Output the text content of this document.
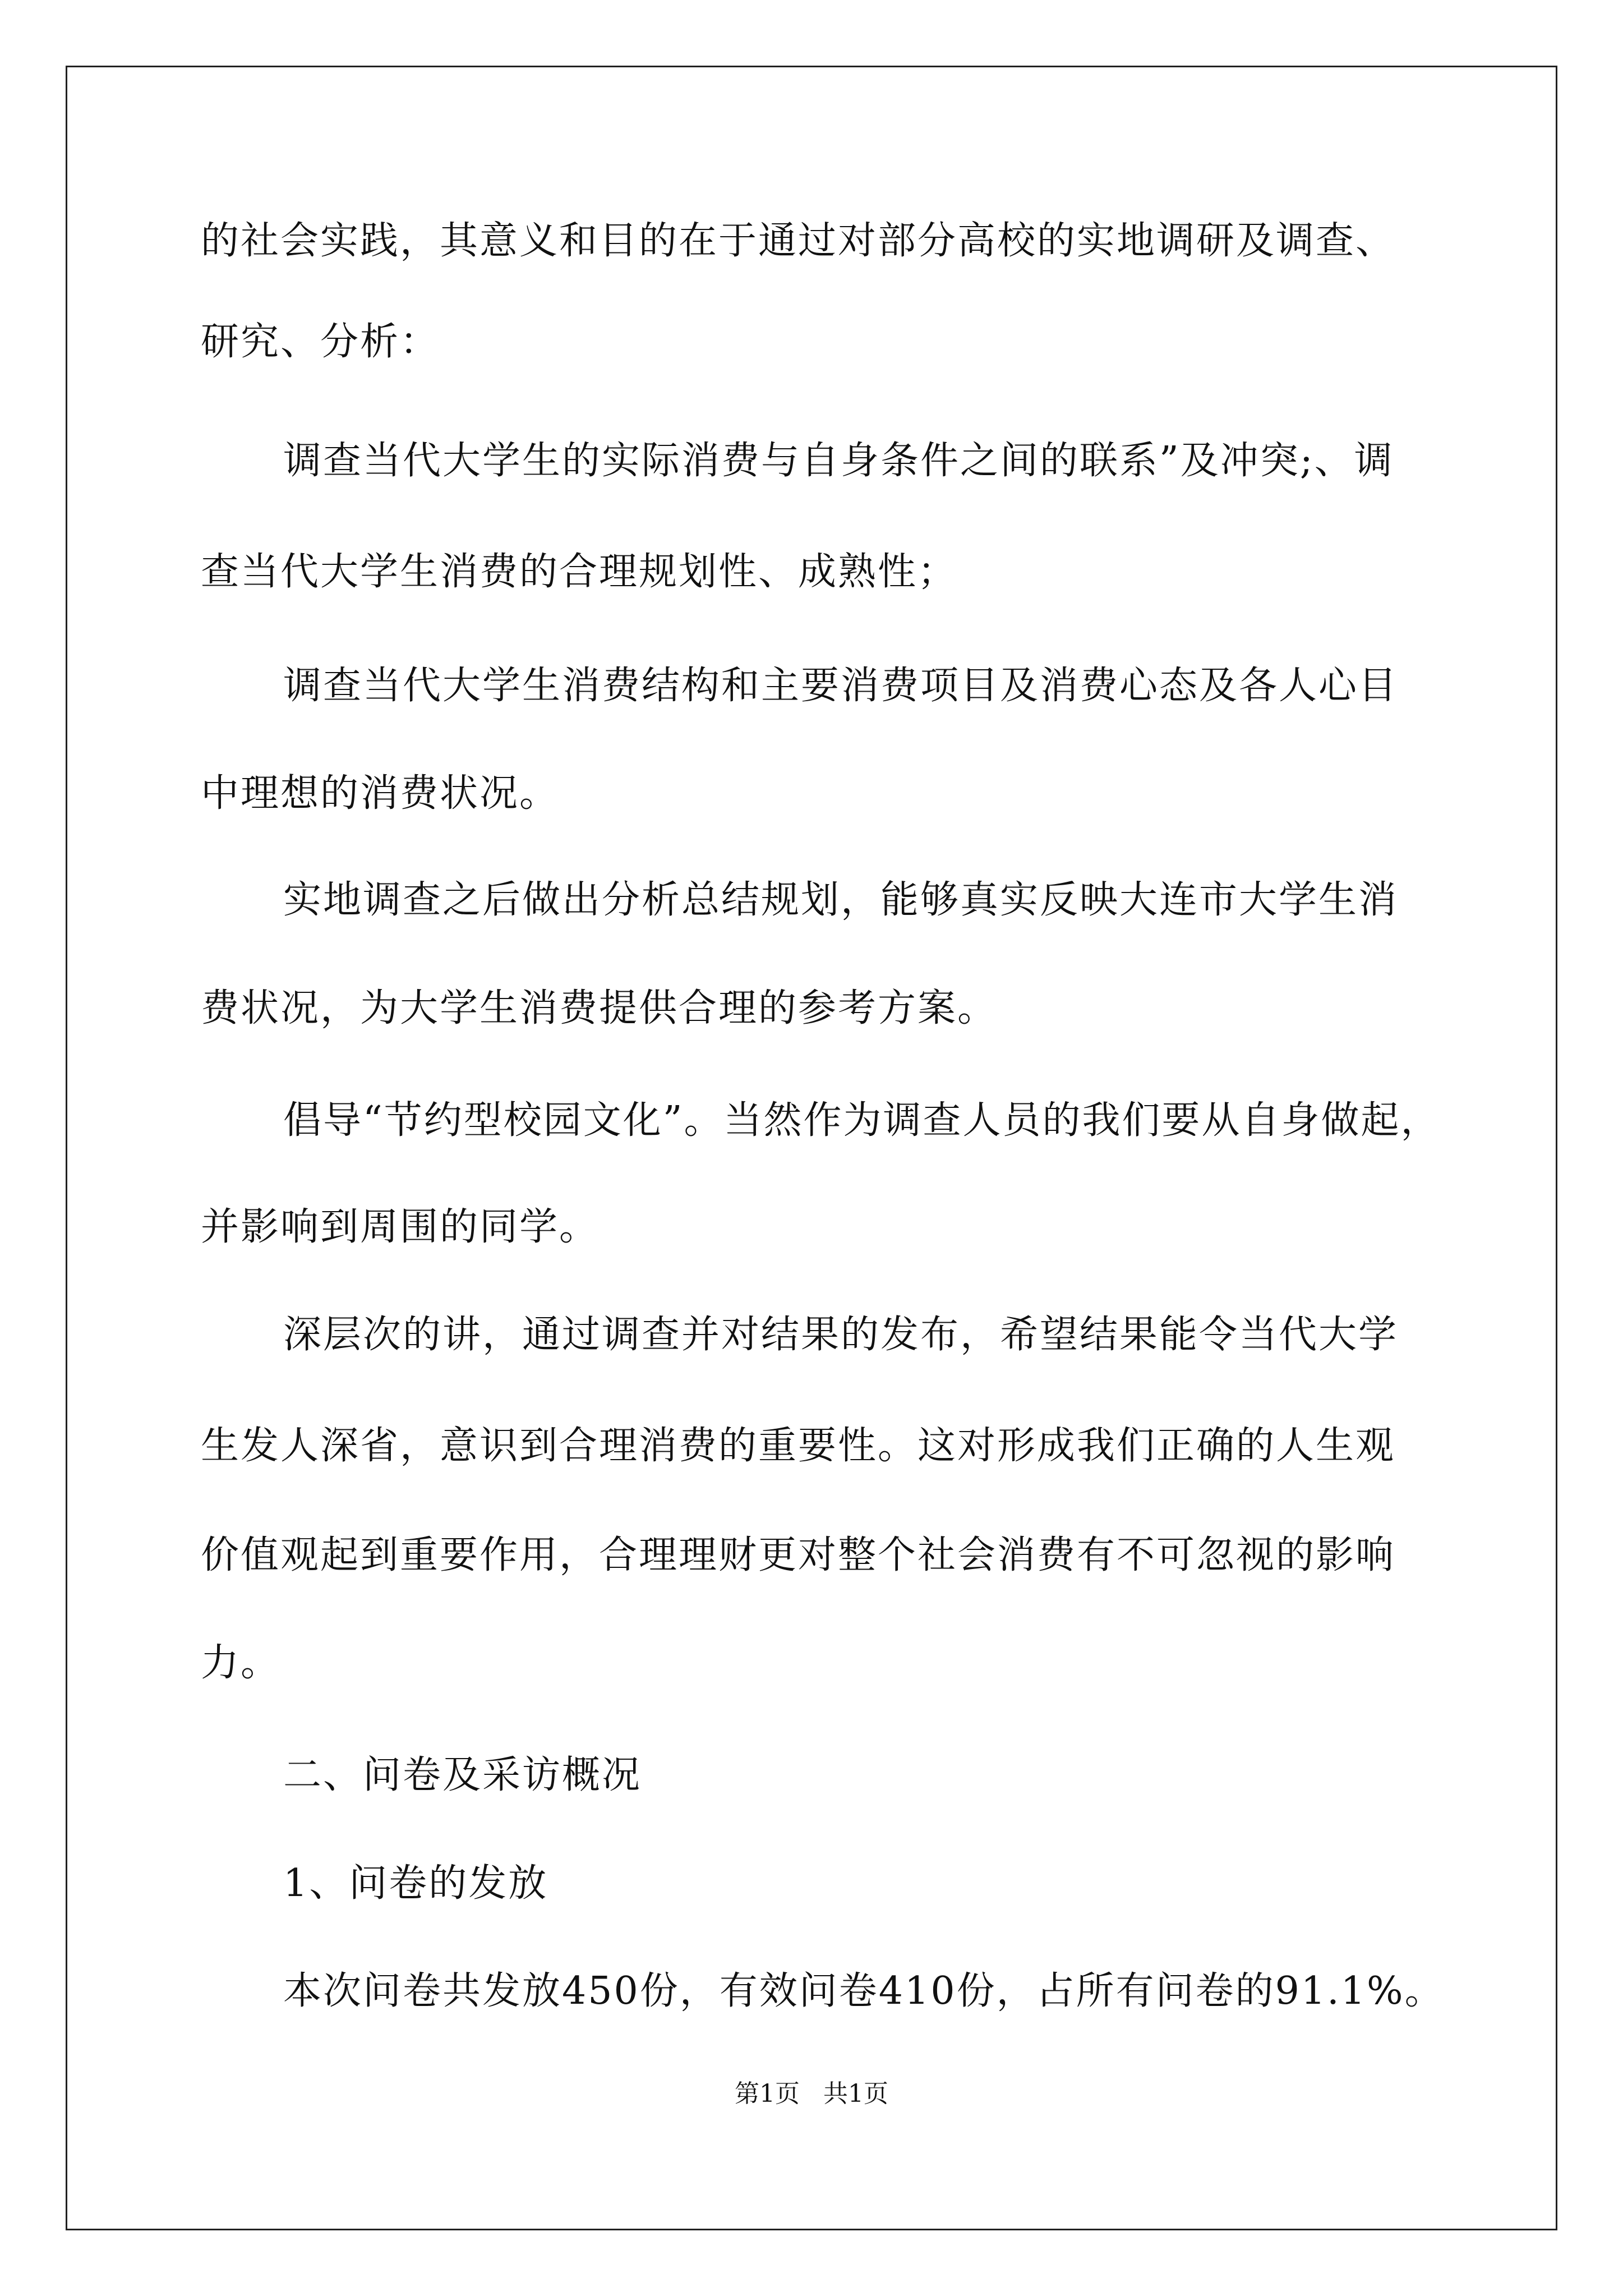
的社会实践，其意义和目的在于通过对部分高校的实地调研及调查、

研究、分析：

调查当代大学生的实际消费与自身条件之间的联系”及冲突;、调

查当代大学生消费的合理规划性、成熟性；

调查当代大学生消费结构和主要消费项目及消费心态及各人心目

中理想的消费状况。

实地调查之后做出分析总结规划，能够真实反映大连市大学生消

费状况，为大学生消费提供合理的参考方案。

倡导“节约型校园文化”。当然作为调查人员的我们要从自身做起，

并影响到周围的同学。

深层次的讲，通过调查并对结果的发布，希望结果能令当代大学

生发人深省，意识到合理消费的重要性。这对形成我们正确的人生观

价值观起到重要作用，合理理财更对整个社会消费有不可忽视的影响

力。

二、问卷及采访概况

1、问卷的发放

本次问卷共发放450份，有效问卷410份，占所有问卷的91.1%。

第1页   共1页
